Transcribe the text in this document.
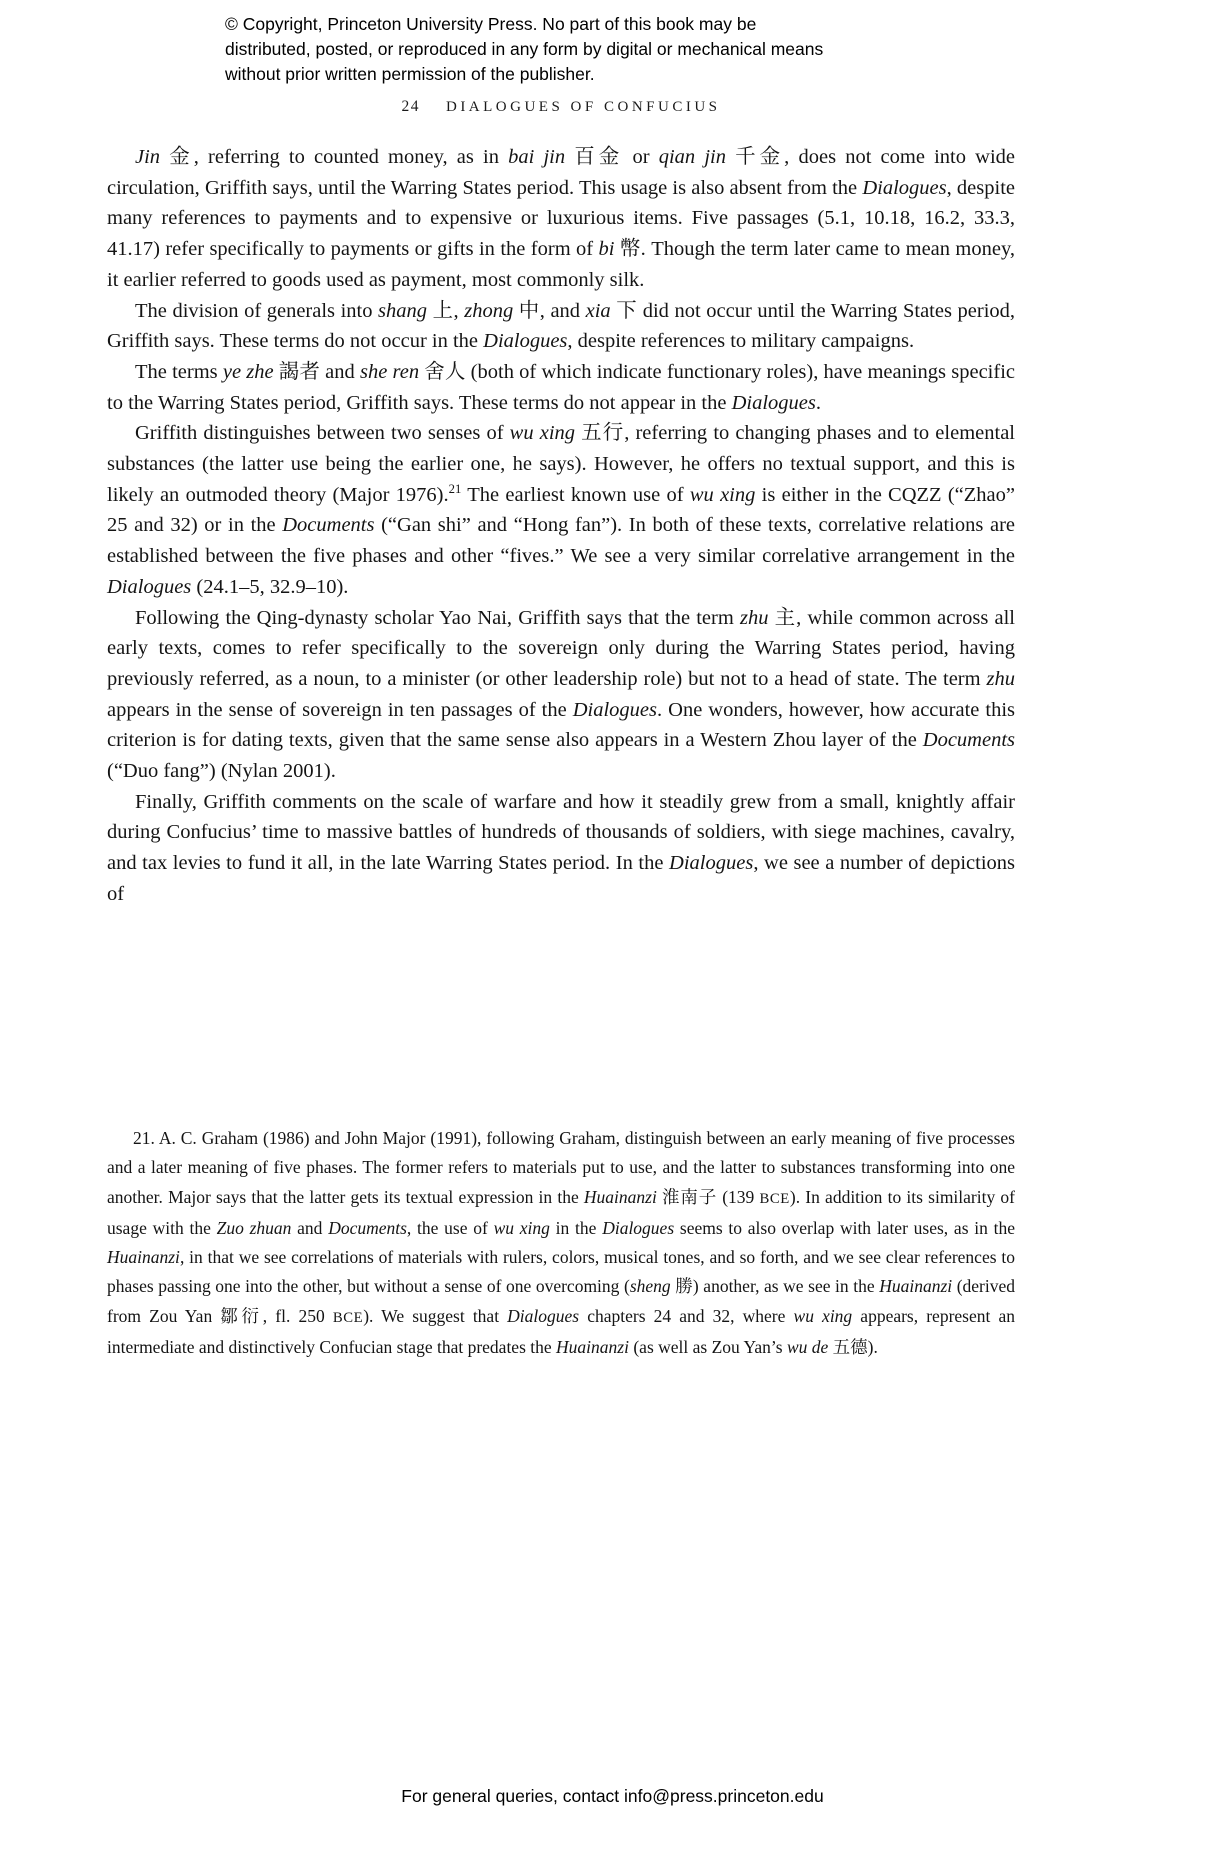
© Copyright, Princeton University Press. No part of this book may be distributed, posted, or reproduced in any form by digital or mechanical means without prior written permission of the publisher.
24 DIALOGUES OF CONFUCIUS

Jin 金, referring to counted money, as in bai jin 百金 or qian jin 千金, does not come into wide circulation, Griffith says, until the Warring States period. This usage is also absent from the Dialogues, despite many references to payments and to expensive or luxurious items. Five passages (5.1, 10.18, 16.2, 33.3, 41.17) refer specifically to payments or gifts in the form of bi 幣. Though the term later came to mean money, it earlier referred to goods used as payment, most commonly silk.

The division of generals into shang 上, zhong 中, and xia 下 did not occur until the Warring States period, Griffith says. These terms do not occur in the Dialogues, despite references to military campaigns.

The terms ye zhe 謁者 and she ren 舍人 (both of which indicate functionary roles), have meanings specific to the Warring States period, Griffith says. These terms do not appear in the Dialogues.

Griffith distinguishes between two senses of wu xing 五行, referring to changing phases and to elemental substances (the latter use being the earlier one, he says). However, he offers no textual support, and this is likely an outmoded theory (Major 1976).$^{21}$ The earliest known use of wu xing is either in the CQZZ (“Zhao” 25 and 32) or in the Documents (“Gan shi” and “Hong fan”). In both of these texts, correlative relations are established between the five phases and other “fives.” We see a very similar correlative arrangement in the Dialogues (24.1–5, 32.9–10).

Following the Qing-dynasty scholar Yao Nai, Griffith says that the term zhu 主, while common across all early texts, comes to refer specifically to the sovereign only during the Warring States period, having previously referred, as a noun, to a minister (or other leadership role) but not to a head of state. The term zhu appears in the sense of sovereign in ten passages of the Dialogues. One wonders, however, how accurate this criterion is for dating texts, given that the same sense also appears in a Western Zhou layer of the Documents (“Duo fang”) (Nylan 2001).

Finally, Griffith comments on the scale of warfare and how it steadily grew from a small, knightly affair during Confucius’ time to massive battles of hundreds of thousands of soldiers, with siege machines, cavalry, and tax levies to fund it all, in the late Warring States period. In the Dialogues, we see a number of depictions of

21. A. C. Graham (1986) and John Major (1991), following Graham, distinguish between an early meaning of five processes and a later meaning of five phases. The former refers to materials put to use, and the latter to substances transforming into one another. Major says that the latter gets its textual expression in the Huainanzi 淮南子 (139 BCE). In addition to its similarity of usage with the Zuo zhuan and Documents, the use of wu xing in the Dialogues seems to also overlap with later uses, as in the Huainanzi, in that we see correlations of materials with rulers, colors, musical tones, and so forth, and we see clear references to phases passing one into the other, but without a sense of one overcoming (sheng 勝) another, as we see in the Huainanzi (derived from Zou Yan 鄒衍, fl. 250 BCE). We suggest that Dialogues chapters 24 and 32, where wu xing appears, represent an intermediate and distinctively Confucian stage that predates the Huainanzi (as well as Zou Yan’s wu de 五德).

For general queries, contact info@press.princeton.edu
